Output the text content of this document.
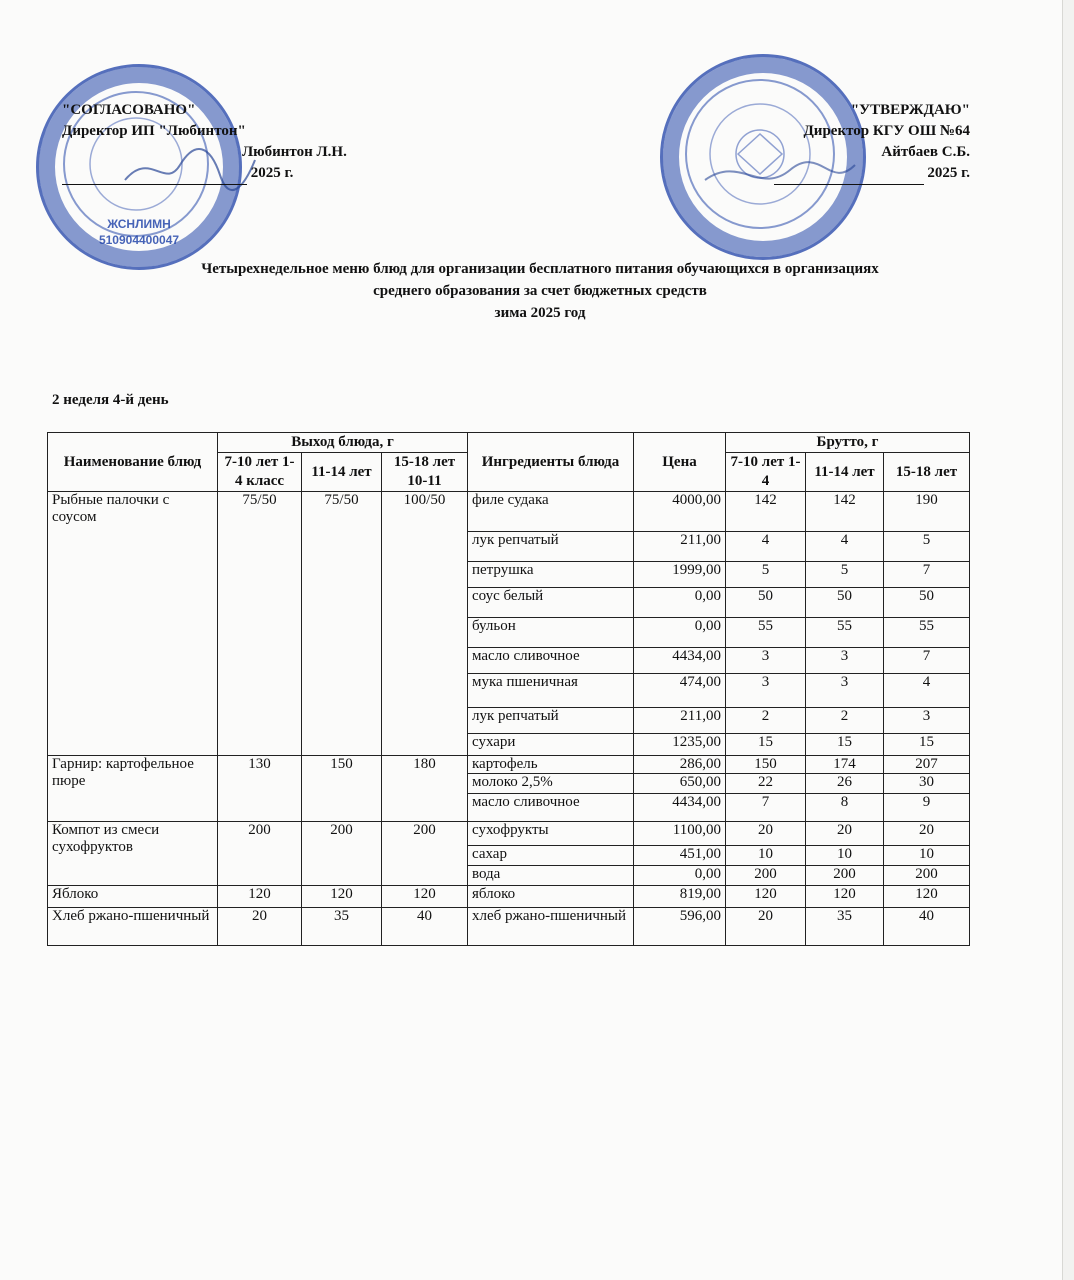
ЖСНЛИМН
510904400047
"СОГЛАСОВАНО"
Директор ИП "Любинтон"
Любинтон Л.Н.
2025 г.
"УТВЕРЖДАЮ"
Директор КГУ ОШ №64
Айтбаев С.Б.
2025 г.
Четырехнедельное меню блюд для организации бесплатного питания обучающихся в организациях
среднего образования за счет бюджетных средств
зима 2025 год
2 неделя 4-й день
Наименование блюд	Выход блюда, г			Ингредиенты блюда	Цена	Брутто, г		
	7-10 лет 1-4 класс	11-14 лет	15-18 лет 10-11			7-10 лет 1-4	11-14 лет	15-18 лет
Рыбные палочки с соусом	75/50	75/50	100/50	филе судака	4000,00	142	142	190
				лук репчатый	211,00	4	4	5
				петрушка	1999,00	5	5	7
				соус белый	0,00	50	50	50
				бульон	0,00	55	55	55
				масло сливочное	4434,00	3	3	7
				мука пшеничная	474,00	3	3	4
				лук репчатый	211,00	2	2	3
				сухари	1235,00	15	15	15
Гарнир: картофельное пюре	130	150	180	картофель	286,00	150	174	207
				молоко 2,5%	650,00	22	26	30
				масло сливочное	4434,00	7	8	9
Компот из смеси сухофруктов	200	200	200	сухофрукты	1100,00	20	20	20
				сахар	451,00	10	10	10
				вода	0,00	200	200	200
Яблоко	120	120	120	яблоко	819,00	120	120	120
Хлеб ржано-пшеничный	20	35	40	хлеб ржано-пшеничный	596,00	20	35	40
